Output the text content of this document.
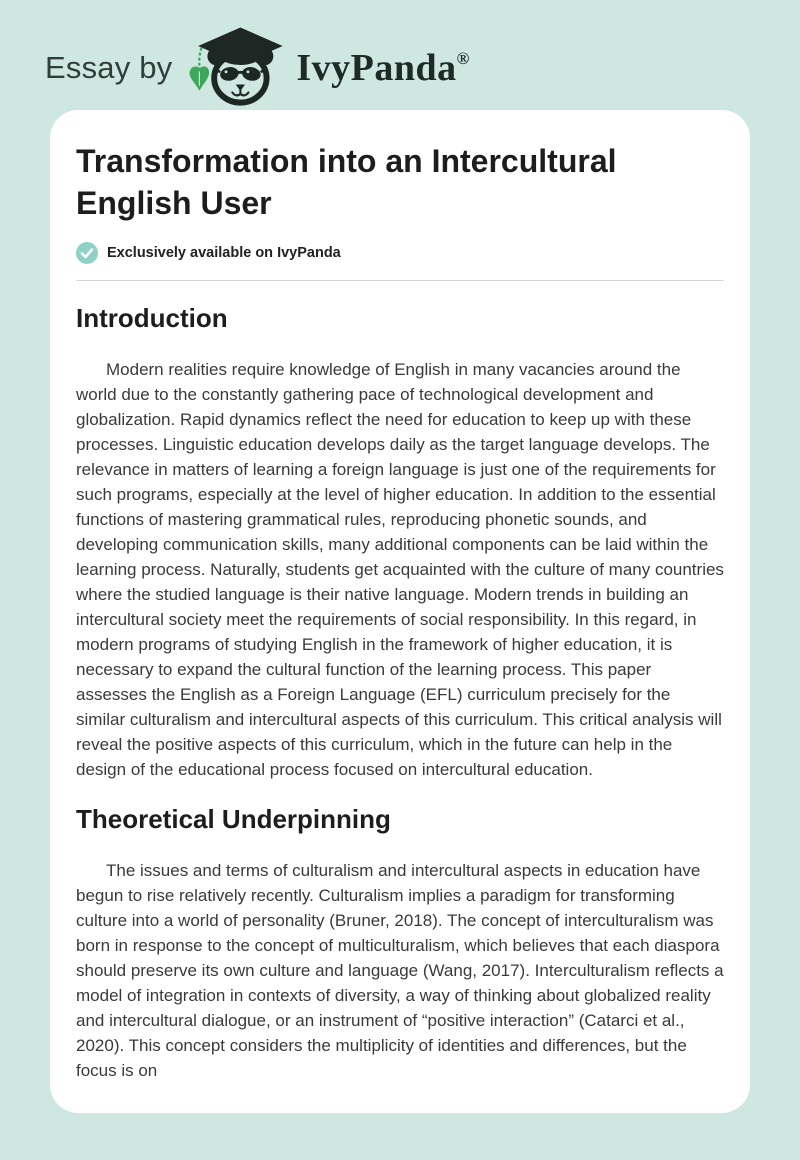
Essay by	IvyPanda®
Transformation into an Intercultural English User
Exclusively available on IvyPanda
Introduction

Modern realities require knowledge of English in many vacancies around the world due to the constantly gathering pace of technological development and globalization. Rapid dynamics reflect the need for education to keep up with these processes. Linguistic education develops daily as the target language develops. The relevance in matters of learning a foreign language is just one of the requirements for such programs, especially at the level of higher education. In addition to the essential functions of mastering grammatical rules, reproducing phonetic sounds, and developing communication skills, many additional components can be laid within the learning process. Naturally, students get acquainted with the culture of many countries where the studied language is their native language. Modern trends in building an intercultural society meet the requirements of social responsibility. In this regard, in modern programs of studying English in the framework of higher education, it is necessary to expand the cultural function of the learning process. This paper assesses the English as a Foreign Language (EFL) curriculum precisely for the similar culturalism and intercultural aspects of this curriculum. This critical analysis will reveal the positive aspects of this curriculum, which in the future can help in the design of the educational process focused on intercultural education.

Theoretical Underpinning

The issues and terms of culturalism and intercultural aspects in education have begun to rise relatively recently. Culturalism implies a paradigm for transforming culture into a world of personality (Bruner, 2018). The concept of interculturalism was born in response to the concept of multiculturalism, which believes that each diaspora should preserve its own culture and language (Wang, 2017). Interculturalism reflects a model of integration in contexts of diversity, a way of thinking about globalized reality and intercultural dialogue, or an instrument of “positive interaction” (Catarci et al., 2020). This concept considers the multiplicity of identities and differences, but the focus is on
